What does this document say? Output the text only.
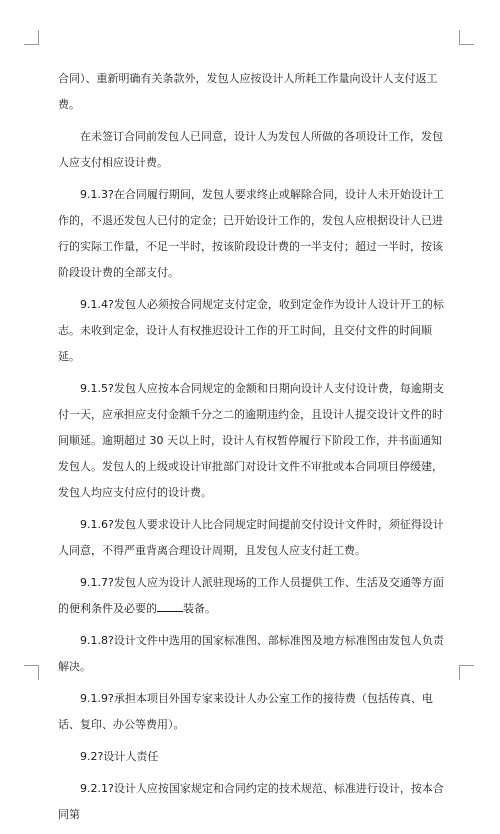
合同）、重新明确有关条款外，发包人应按设计人所耗工作量向设计人支付返工费。

在未签订合同前发包人已同意，设计人为发包人所做的各项设计工作，发包人应支付相应设计费。

9.1.3?在合同履行期间，发包人要求终止或解除合同，设计人未开始设计工作的，不退还发包人已付的定金；已开始设计工作的，发包人应根据设计人已进行的实际工作量，不足一半时，按该阶段设计费的一半支付；超过一半时，按该阶段设计费的全部支付。

9.1.4?发包人必须按合同规定支付定金，收到定金作为设计人设计开工的标志。未收到定金，设计人有权推迟设计工作的开工时间，且交付文件的时间顺延。

9.1.5?发包人应按本合同规定的金额和日期向设计人支付设计费，每逾期支付一天，应承担应支付金额千分之二的逾期违约金，且设计人提交设计文件的时间顺延。逾期超过 30 天以上时，设计人有权暂停履行下阶段工作，并书面通知发包人。发包人的上级或设计审批部门对设计文件不审批或本合同项目停缓建，发包人均应支付应付的设计费。

9.1.6?发包人要求设计人比合同规定时间提前交付设计文件时，须征得设计人同意，不得严重背离合理设计周期，且发包人应支付赶工费。

9.1.7?发包人应为设计人派驻现场的工作人员提供工作、生活及交通等方面的便利条件及必要的 装备。

9.1.8?设计文件中选用的国家标准图、部标准图及地方标准图由发包人负责解决。

9.1.9?承担本项目外国专家来设计人办公室工作的接待费（包括传真、电话、复印、办公等费用）。

9.2?设计人责任

9.2.1?设计人应按国家规定和合同约定的技术规范、标准进行设计，按本合同第
